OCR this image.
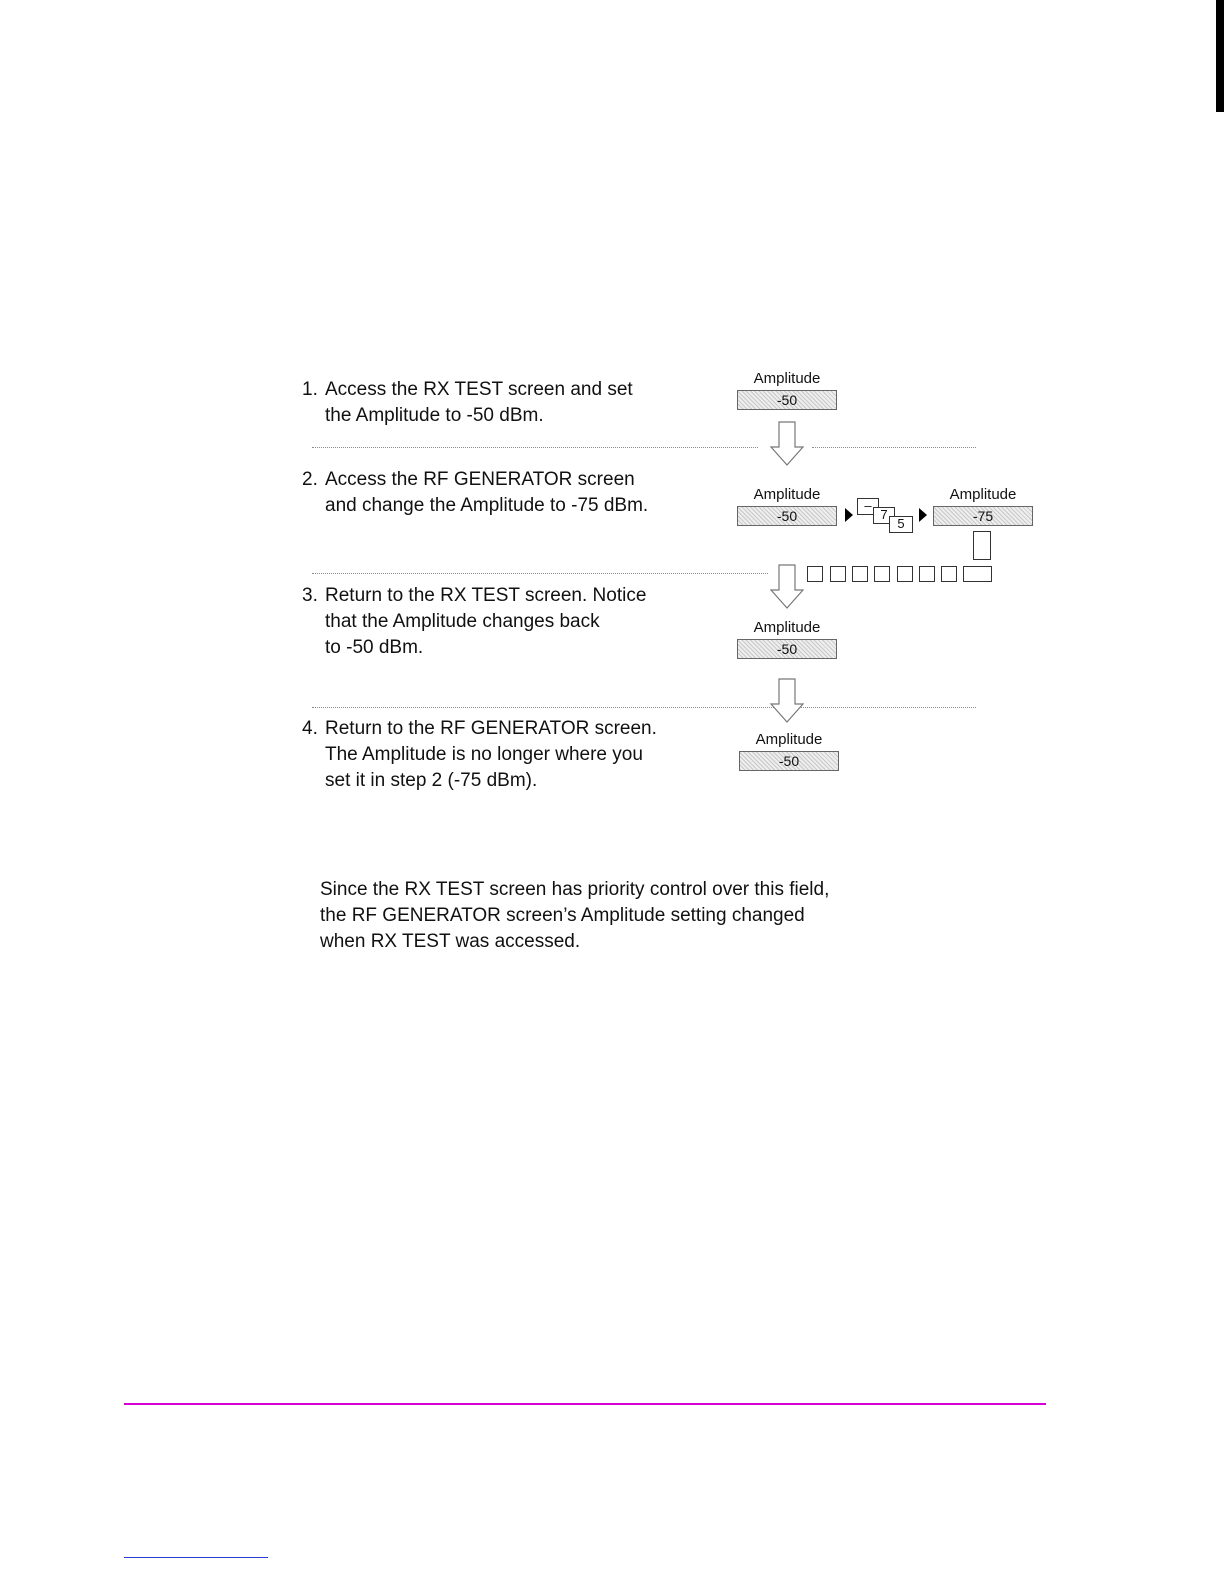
1. Access the RX TEST screen and set
the Amplitude to -50 dBm.
2. Access the RF GENERATOR screen
and change the Amplitude to -75 dBm.
3. Return to the RX TEST screen. Notice
that the Amplitude changes back
to -50 dBm.
4. Return to the RF GENERATOR screen.
The Amplitude is no longer where you
set it in step 2 (-75 dBm).
Amplitude
-50
Amplitude
-50
Amplitude
-75
Amplitude
-50
Amplitude
-50
–
7
5
Since the RX TEST screen has priority control over this field,
the RF GENERATOR screen’s Amplitude setting changed
when RX TEST was accessed.
